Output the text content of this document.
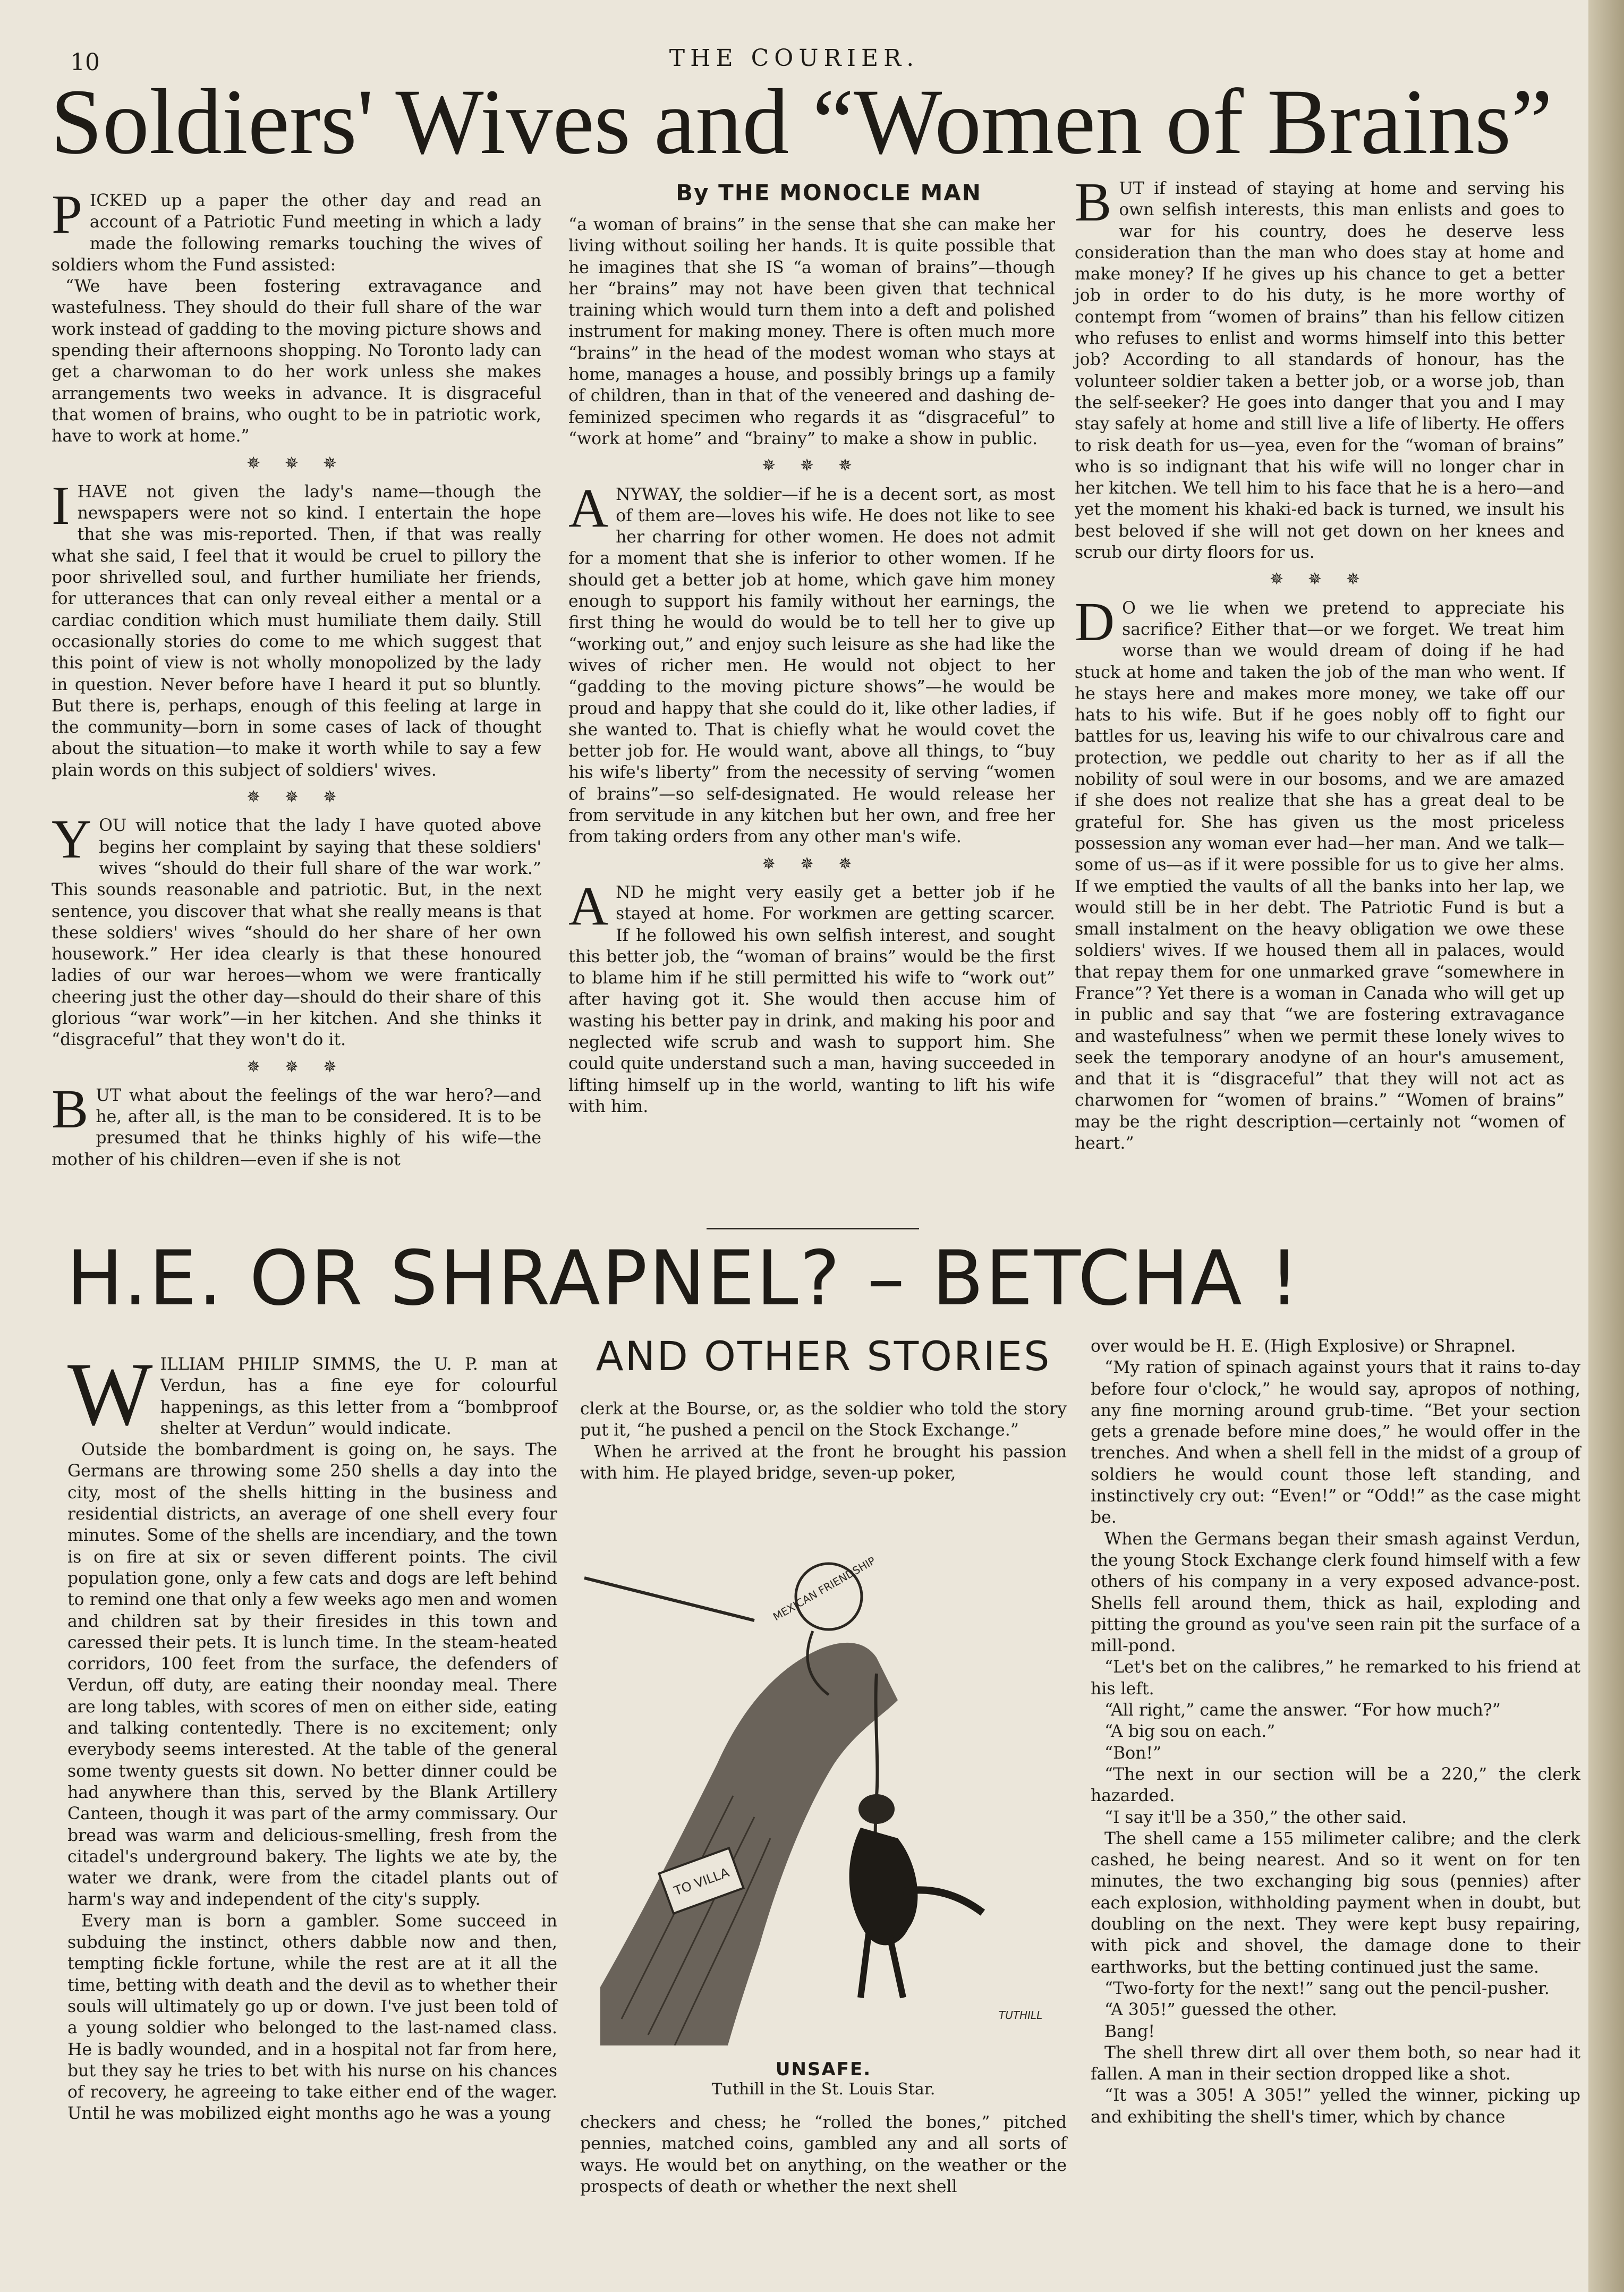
10	THE COURIER.
Soldiers' Wives and “Women of Brains”
By THE MONOCLE MAN

PICKED up a paper the other day and read an account of a Patriotic Fund meeting in which a lady made the following remarks touching the wives of soldiers whom the Fund assisted:

“We have been fostering extravagance and wastefulness. They should do their full share of the war work instead of gadding to the moving picture shows and spending their afternoons shopping. No Toronto lady can get a charwoman to do her work unless she makes arrangements two weeks in advance. It is disgraceful that women of brains, who ought to be in patriotic work, have to work at home.”

✵ ✵ ✵

IHAVE not given the lady's name—though the newspapers were not so kind. I entertain the hope that she was mis-reported. Then, if that was really what she said, I feel that it would be cruel to pillory the poor shrivelled soul, and further humiliate her friends, for utterances that can only reveal either a mental or a cardiac condition which must humiliate them daily. Still occasionally stories do come to me which suggest that this point of view is not wholly monopolized by the lady in question. Never before have I heard it put so bluntly. But there is, perhaps, enough of this feeling at large in the community—born in some cases of lack of thought about the situation—to make it worth while to say a few plain words on this subject of soldiers' wives.

✵ ✵ ✵

YOU will notice that the lady I have quoted above begins her complaint by saying that these soldiers' wives “should do their full share of the war work.” This sounds reasonable and patriotic. But, in the next sentence, you discover that what she really means is that these soldiers' wives “should do her share of her own housework.” Her idea clearly is that these honoured ladies of our war heroes—whom we were frantically cheering just the other day—should do their share of this glorious “war work”—in her kitchen. And she thinks it “disgraceful” that they won't do it.

✵ ✵ ✵

BUT what about the feelings of the war hero?—and he, after all, is the man to be considered. It is to be presumed that he thinks highly of his wife—the mother of his children—even if she is not

“a woman of brains” in the sense that she can make her living without soiling her hands. It is quite possible that he imagines that she IS “a woman of brains”—though her “brains” may not have been given that technical training which would turn them into a deft and polished instrument for making money. There is often much more “brains” in the head of the modest woman who stays at home, manages a house, and possibly brings up a family of children, than in that of the veneered and dashing de-feminized specimen who regards it as “disgraceful” to “work at home” and “brainy” to make a show in public.

✵ ✵ ✵

ANYWAY, the soldier—if he is a decent sort, as most of them are—loves his wife. He does not like to see her charring for other women. He does not admit for a moment that she is inferior to other women. If he should get a better job at home, which gave him money enough to support his family without her earnings, the first thing he would do would be to tell her to give up “working out,” and enjoy such leisure as she had like the wives of richer men. He would not object to her “gadding to the moving picture shows”—he would be proud and happy that she could do it, like other ladies, if she wanted to. That is chiefly what he would covet the better job for. He would want, above all things, to “buy his wife's liberty” from the necessity of serving “women of brains”—so self-designated. He would release her from servitude in any kitchen but her own, and free her from taking orders from any other man's wife.

✵ ✵ ✵

AND he might very easily get a better job if he stayed at home. For workmen are getting scarcer. If he followed his own selfish interest, and sought this better job, the “woman of brains” would be the first to blame him if he still permitted his wife to “work out” after having got it. She would then accuse him of wasting his better pay in drink, and making his poor and neglected wife scrub and wash to support him. She could quite understand such a man, having succeeded in lifting himself up in the world, wanting to lift his wife with him.

BUT if instead of staying at home and serving his own selfish interests, this man enlists and goes to war for his country, does he deserve less consideration than the man who does stay at home and make money? If he gives up his chance to get a better job in order to do his duty, is he more worthy of contempt from “women of brains” than his fellow citizen who refuses to enlist and worms himself into this better job? According to all standards of honour, has the volunteer soldier taken a better job, or a worse job, than the self-seeker? He goes into danger that you and I may stay safely at home and still live a life of liberty. He offers to risk death for us—yea, even for the “woman of brains” who is so indignant that his wife will no longer char in her kitchen. We tell him to his face that he is a hero—and yet the moment his khaki-ed back is turned, we insult his best beloved if she will not get down on her knees and scrub our dirty floors for us.

✵ ✵ ✵

DO we lie when we pretend to appreciate his sacrifice? Either that—or we forget. We treat him worse than we would dream of doing if he had stuck at home and taken the job of the man who went. If he stays here and makes more money, we take off our hats to his wife. But if he goes nobly off to fight our battles for us, leaving his wife to our chivalrous care and protection, we peddle out charity to her as if all the nobility of soul were in our bosoms, and we are amazed if she does not realize that she has a great deal to be grateful for. She has given us the most priceless possession any woman ever had—her man. And we talk—some of us—as if it were possible for us to give her alms. If we emptied the vaults of all the banks into her lap, we would still be in her debt. The Patriotic Fund is but a small instalment on the heavy obligation we owe these soldiers' wives. If we housed them all in palaces, would that repay them for one unmarked grave “somewhere in France”? Yet there is a woman in Canada who will get up in public and say that “we are fostering extravagance and wastefulness” when we permit these lonely wives to seek the temporary anodyne of an hour's amusement, and that it is “disgraceful” that they will not act as charwomen for “women of brains.” “Women of brains” may be the right description—certainly not “women of heart.”

H.E. OR SHRAPNEL? – BETCHA !
AND OTHER STORIES

WILLIAM PHILIP SIMMS, the U. P. man at Verdun, has a fine eye for colourful happenings, as this letter from a “bombproof shelter at Verdun” would indicate.

Outside the bombardment is going on, he says. The Germans are throwing some 250 shells a day into the city, most of the shells hitting in the business and residential districts, an average of one shell every four minutes. Some of the shells are incendiary, and the town is on fire at six or seven different points. The civil population gone, only a few cats and dogs are left behind to remind one that only a few weeks ago men and women and children sat by their firesides in this town and caressed their pets. It is lunch time. In the steam-heated corridors, 100 feet from the surface, the defenders of Verdun, off duty, are eating their noonday meal. There are long tables, with scores of men on either side, eating and talking contentedly. There is no excitement; only everybody seems interested. At the table of the general some twenty guests sit down. No better dinner could be had anywhere than this, served by the Blank Artillery Canteen, though it was part of the army commissary. Our bread was warm and delicious-smelling, fresh from the citadel's underground bakery. The lights we ate by, the water we drank, were from the citadel plants out of harm's way and independent of the city's supply.

Every man is born a gambler. Some succeed in subduing the instinct, others dabble now and then, tempting fickle fortune, while the rest are at it all the time, betting with death and the devil as to whether their souls will ultimately go up or down. I've just been told of a young soldier who belonged to the last-named class. He is badly wounded, and in a hospital not far from here, but they say he tries to bet with his nurse on his chances of recovery, he agreeing to take either end of the wager. Until he was mobilized eight months ago he was a young

clerk at the Bourse, or, as the soldier who told the story put it, “he pushed a pencil on the Stock Exchange.”

When he arrived at the front he brought his passion with him. He played bridge, seven-up poker,

MEXICAN FRIENDSHIP
TO VILLA
TUTHILL
UNSAFE.
Tuthill in the St. Louis Star.

checkers and chess; he “rolled the bones,” pitched pennies, matched coins, gambled any and all sorts of ways. He would bet on anything, on the weather or the prospects of death or whether the next shell

over would be H. E. (High Explosive) or Shrapnel.

“My ration of spinach against yours that it rains to-day before four o'clock,” he would say, apropos of nothing, any fine morning around grub-time. “Bet your section gets a grenade before mine does,” he would offer in the trenches. And when a shell fell in the midst of a group of soldiers he would count those left standing, and instinctively cry out: “Even!” or “Odd!” as the case might be.

When the Germans began their smash against Verdun, the young Stock Exchange clerk found himself with a few others of his company in a very exposed advance-post. Shells fell around them, thick as hail, exploding and pitting the ground as you've seen rain pit the surface of a mill-pond.

“Let's bet on the calibres,” he remarked to his friend at his left.

“All right,” came the answer. “For how much?”

“A big sou on each.”

“Bon!”

“The next in our section will be a 220,” the clerk hazarded.

“I say it'll be a 350,” the other said.

The shell came a 155 milimeter calibre; and the clerk cashed, he being nearest. And so it went on for ten minutes, the two exchanging big sous (pennies) after each explosion, withholding payment when in doubt, but doubling on the next. They were kept busy repairing, with pick and shovel, the damage done to their earthworks, but the betting continued just the same.

“Two-forty for the next!” sang out the pencil-pusher.

“A 305!” guessed the other.

Bang!

The shell threw dirt all over them both, so near had it fallen. A man in their section dropped like a shot.

“It was a 305! A 305!” yelled the winner, picking up and exhibiting the shell's timer, which by chance
